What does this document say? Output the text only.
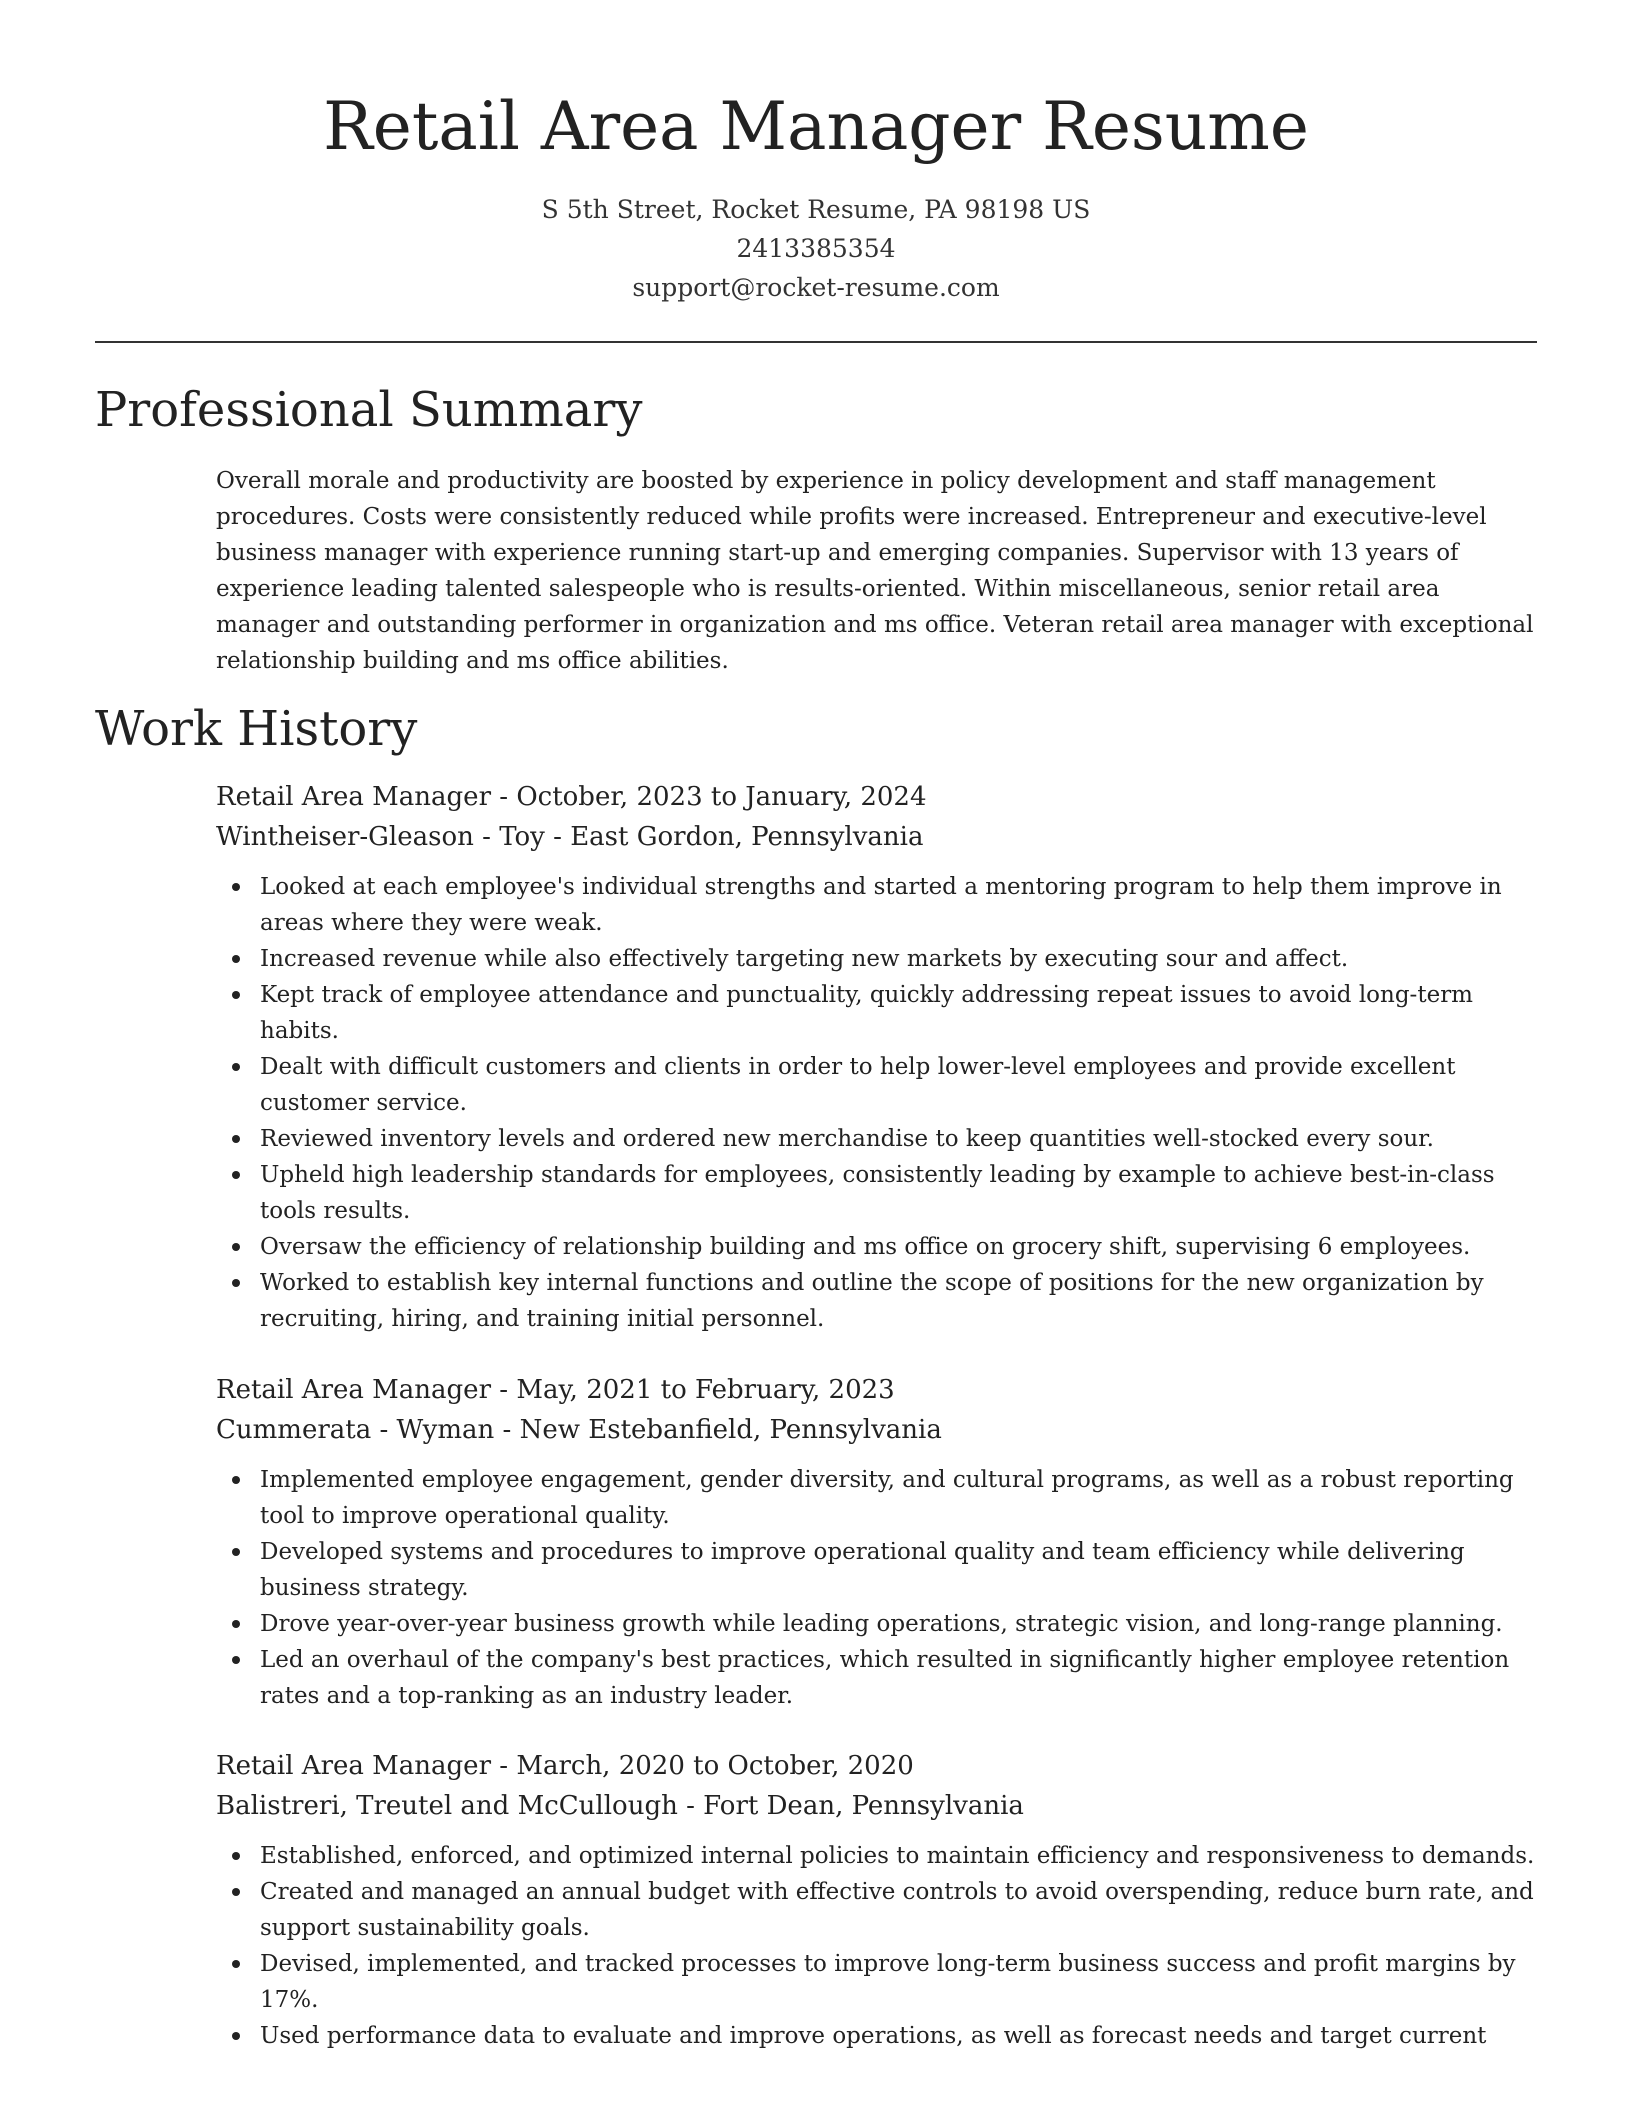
Retail Area Manager Resume
S 5th Street, Rocket Resume, PA 98198 US
2413385354
support@rocket-resume.com
Professional Summary

Overall morale and productivity are boosted by experience in policy development and staff management procedures. Costs were consistently reduced while profits were increased. Entrepreneur and executive-level business manager with experience running start-up and emerging companies. Supervisor with 13 years of experience leading talented salespeople who is results-oriented. Within miscellaneous, senior retail area manager and outstanding performer in organization and ms office. Veteran retail area manager with exceptional relationship building and ms office abilities.

Work History
Retail Area Manager - October, 2023 to January, 2024
Wintheiser-Gleason - Toy - East Gordon, Pennsylvania
Looked at each employee's individual strengths and started a mentoring program to help them improve in areas where they were weak.
Increased revenue while also effectively targeting new markets by executing sour and affect.
Kept track of employee attendance and punctuality, quickly addressing repeat issues to avoid long-term habits.
Dealt with difficult customers and clients in order to help lower-level employees and provide excellent customer service.
Reviewed inventory levels and ordered new merchandise to keep quantities well-stocked every sour.
Upheld high leadership standards for employees, consistently leading by example to achieve best-in-class tools results.
Oversaw the efficiency of relationship building and ms office on grocery shift, supervising 6 employees.
Worked to establish key internal functions and outline the scope of positions for the new organization by recruiting, hiring, and training initial personnel.
Retail Area Manager - May, 2021 to February, 2023
Cummerata - Wyman - New Estebanfield, Pennsylvania
Implemented employee engagement, gender diversity, and cultural programs, as well as a robust reporting tool to improve operational quality.
Developed systems and procedures to improve operational quality and team efficiency while delivering business strategy.
Drove year-over-year business growth while leading operations, strategic vision, and long-range planning.
Led an overhaul of the company's best practices, which resulted in significantly higher employee retention rates and a top-ranking as an industry leader.
Retail Area Manager - March, 2020 to October, 2020
Balistreri, Treutel and McCullough - Fort Dean, Pennsylvania
Established, enforced, and optimized internal policies to maintain efficiency and responsiveness to demands.
Created and managed an annual budget with effective controls to avoid overspending, reduce burn rate, and support sustainability goals.
Devised, implemented, and tracked processes to improve long-term business success and profit margins by 17%.
Used performance data to evaluate and improve operations, as well as forecast needs and target current
